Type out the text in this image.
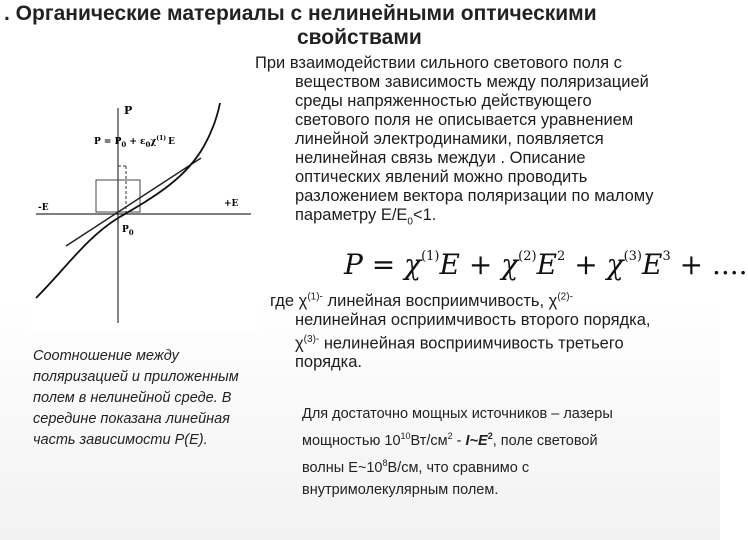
. Органические материалы с нелинейными оптическими
свойствами
P
$P = P_0 + \varepsilon_0\chi^{(1)}$ E
-E	+E
$P_0$
При взаимодействии сильного светового поля с
веществом зависимость между поляризацией
среды напряженностью действующего
светового поля не описывается уравнением
линейной электродинамики, появляется
нелинейная связь междуи . Описание
оптических явлений можно проводить
разложением вектора поляризации по малому
параметру $E/E_0<1$.
$P = \chi^{(1)}E + \chi^{(2)}E^2 + \chi^{(3)}E^3$ + ....
где $\chi^{(1)-}$ линейная восприимчивость, $\chi^{(2)-}$
нелинейная осприимчивость второго порядка,
$\chi^{(3)-}$ нелинейная восприимчивость третьего
порядка.
Соотношение между
поляризацией и приложенным
полем в нелинейной среде. В
середине показана линейная
часть зависимости P(E).
Для достаточно мощных источников – лазеры
мощностью $10^{10}Вт/см^2$ - $I\sim E^2$, поле световой
волны $E\sim 10^8В/см$, что сравнимо с
внутримолекулярным полем.
